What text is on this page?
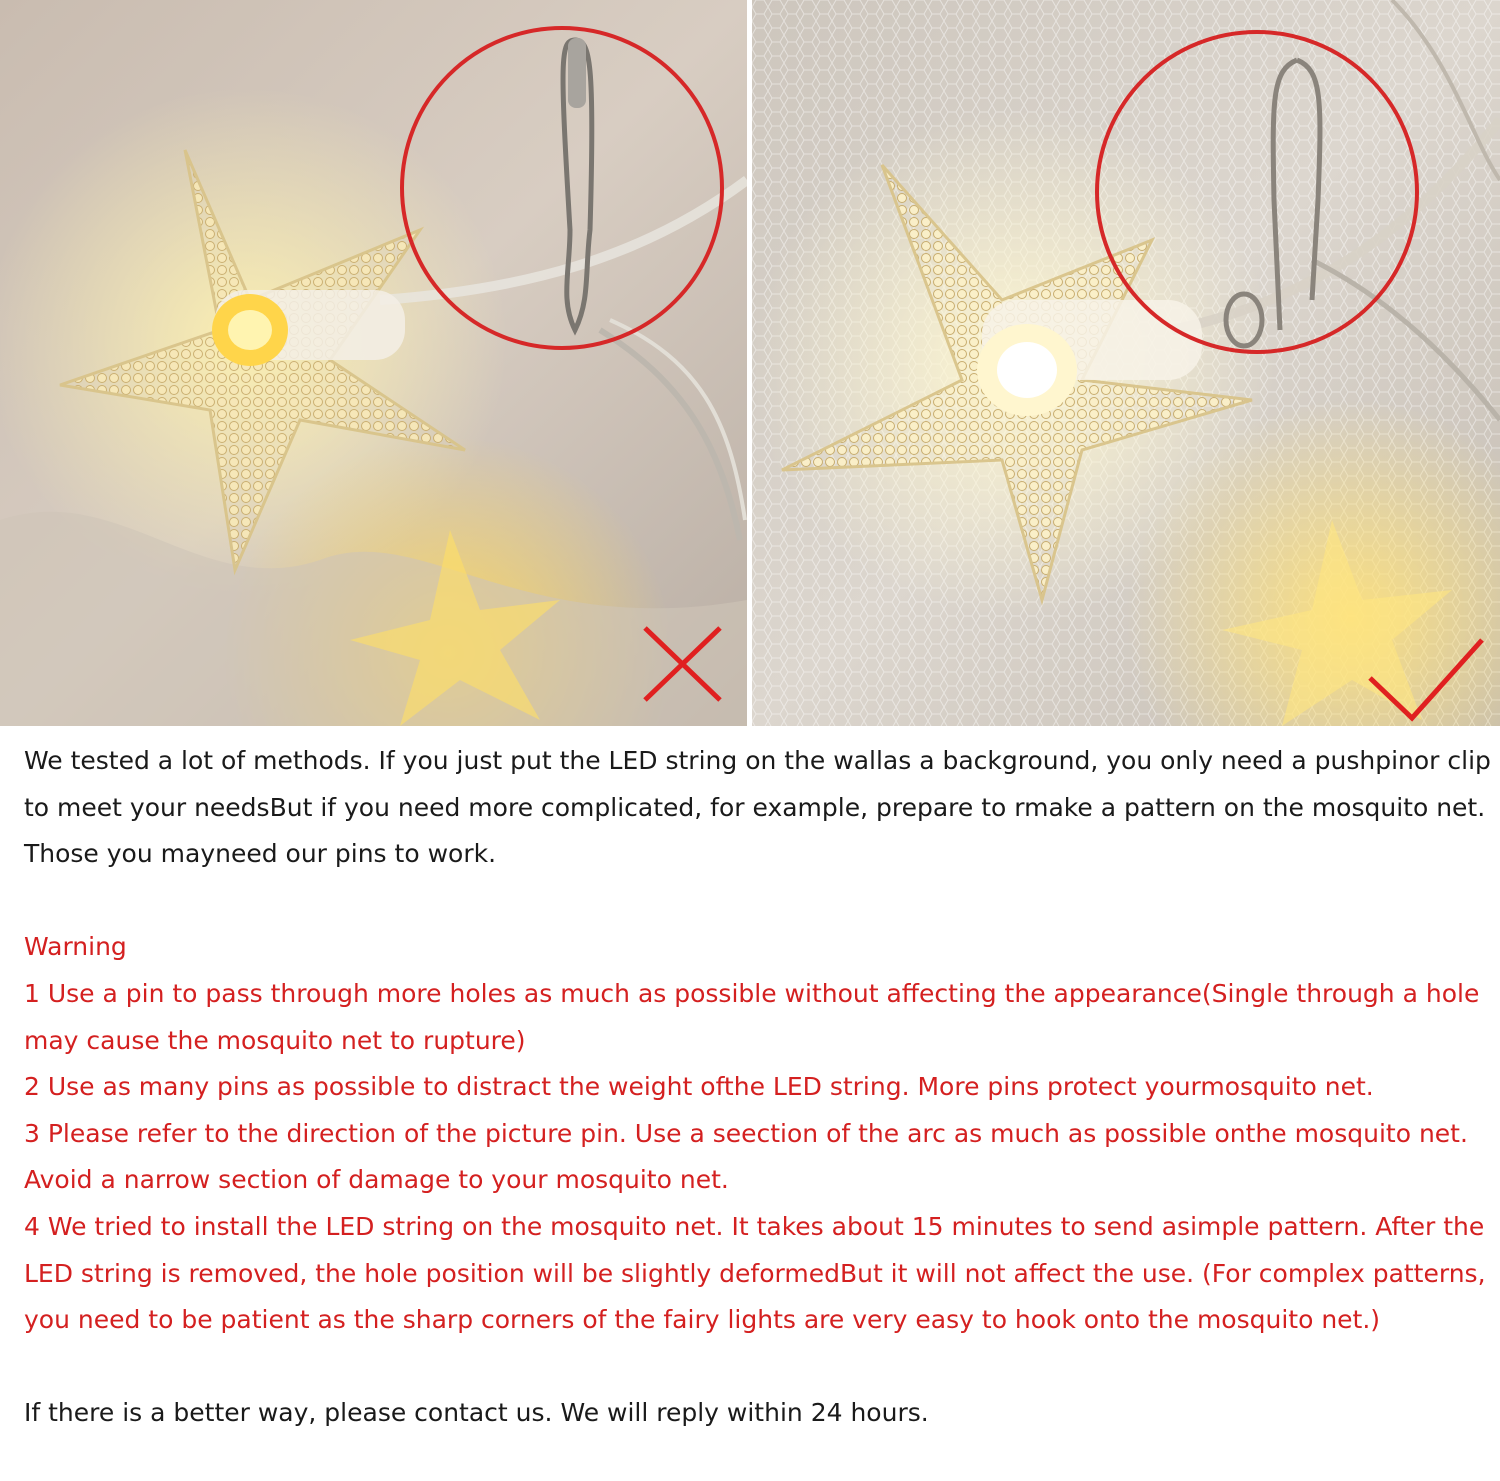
We tested a lot of methods. If you just put the LED string on the wallas a background, you only need a pushpinor clip to meet your needsBut if you need more complicated, for example, prepare to rmake a pattern on the mosquito net. Those you mayneed our pins to work.

Warning

1 Use a pin to pass through more holes as much as possible without affecting the appearance(Single through a hole may cause the mosquito net to rupture)

2 Use as many pins as possible to distract the weight ofthe LED string. More pins protect yourmosquito net.

3 Please refer to the direction of the picture pin. Use a seection of the arc as much as possible onthe mosquito net. Avoid a narrow section of damage to your mosquito net.

4 We tried to install the LED string on the mosquito net. It takes about 15 minutes to send asimple pattern. After the LED string is removed, the hole position will be slightly deformedBut it will not affect the use. (For complex patterns, you need to be patient as the sharp corners of the fairy lights are very easy to hook onto the mosquito net.)

If there is a better way, please contact us. We will reply within 24 hours.
